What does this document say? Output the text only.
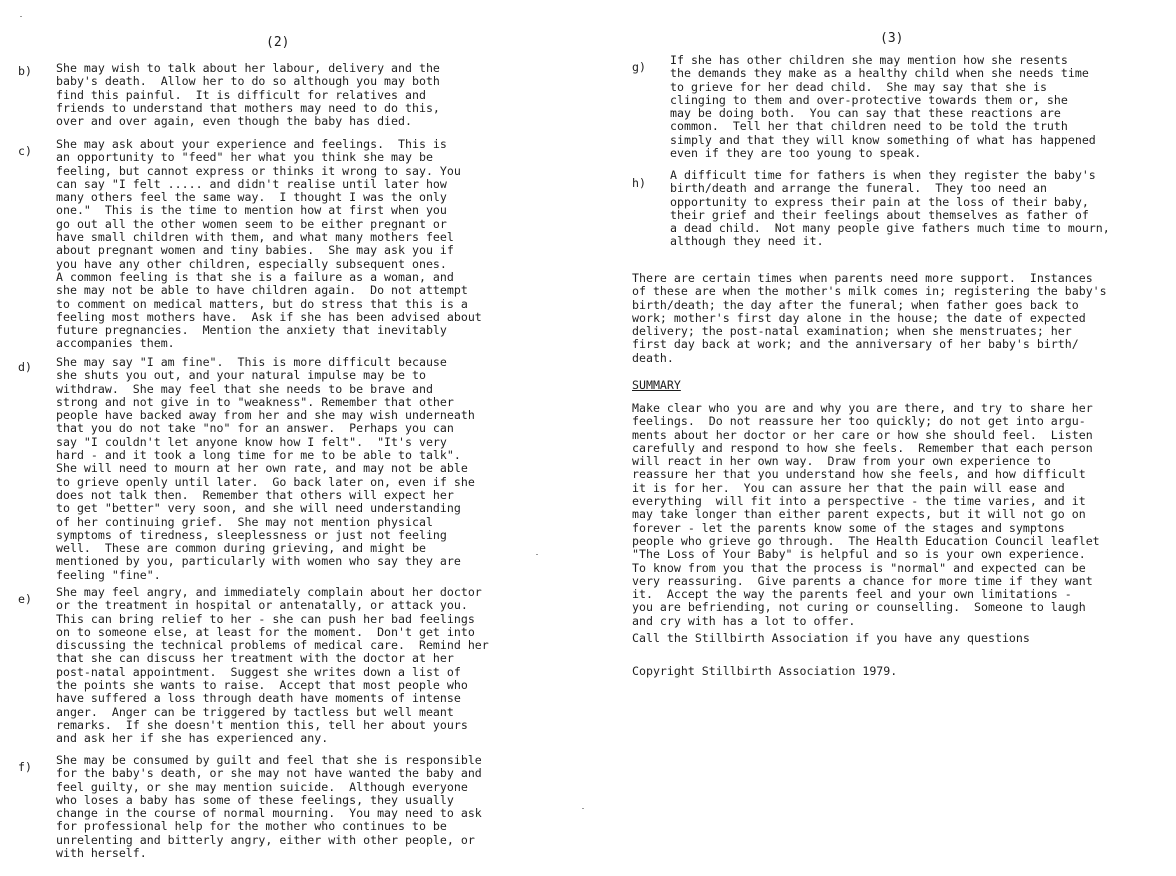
(2)
b) She may wish to talk about her labour, delivery and the
baby's death.  Allow her to do so although you may both
find this painful.  It is difficult for relatives and
friends to understand that mothers may need to do this,
over and over again, even though the baby has died.
c) She may ask about your experience and feelings.  This is
an opportunity to "feed" her what you think she may be
feeling, but cannot express or thinks it wrong to say. You
can say "I felt ..... and didn't realise until later how
many others feel the same way.  I thought I was the only
one."  This is the time to mention how at first when you
go out all the other women seem to be either pregnant or
have small children with them, and what many mothers feel
about pregnant women and tiny babies.  She may ask you if
you have any other children, especially subsequent ones.
A common feeling is that she is a failure as a woman, and
she may not be able to have children again.  Do not attempt
to comment on medical matters, but do stress that this is a
feeling most mothers have.  Ask if she has been advised about
future pregnancies.  Mention the anxiety that inevitably
accompanies them.
d) She may say "I am fine".  This is more difficult because
she shuts you out, and your natural impulse may be to
withdraw.  She may feel that she needs to be brave and
strong and not give in to "weakness". Remember that other
people have backed away from her and she may wish underneath
that you do not take "no" for an answer.  Perhaps you can
say "I couldn't let anyone know how I felt".  "It's very
hard - and it took a long time for me to be able to talk".
She will need to mourn at her own rate, and may not be able
to grieve openly until later.  Go back later on, even if she
does not talk then.  Remember that others will expect her
to get "better" very soon, and she will need understanding
of her continuing grief.  She may not mention physical
symptoms of tiredness, sleeplessness or just not feeling
well.  These are common during grieving, and might be
mentioned by you, particularly with women who say they are
feeling "fine".
e) She may feel angry, and immediately complain about her doctor
or the treatment in hospital or antenatally, or attack you.
This can bring relief to her - she can push her bad feelings
on to someone else, at least for the moment.  Don't get into
discussing the technical problems of medical care.  Remind her
that she can discuss her treatment with the doctor at her
post-natal appointment.  Suggest she writes down a list of
the points she wants to raise.  Accept that most people who
have suffered a loss through death have moments of intense
anger.  Anger can be triggered by tactless but well meant
remarks.  If she doesn't mention this, tell her about yours
and ask her if she has experienced any.
f) She may be consumed by guilt and feel that she is responsible
for the baby's death, or she may not have wanted the baby and
feel guilty, or she may mention suicide.  Although everyone
who loses a baby has some of these feelings, they usually
change in the course of normal mourning.  You may need to ask
for professional help for the mother who continues to be
unrelenting and bitterly angry, either with other people, or
with herself.
(3)
g) If she has other children she may mention how she resents
the demands they make as a healthy child when she needs time
to grieve for her dead child.  She may say that she is
clinging to them and over-protective towards them or, she
may be doing both.  You can say that these reactions are
common.  Tell her that children need to be told the truth
simply and that they will know something of what has happened
even if they are too young to speak.
h)
A difficult time for fathers is when they register the baby's
birth/death and arrange the funeral.  They too need an
opportunity to express their pain at the loss of their baby,
their grief and their feelings about themselves as father of
a dead child.  Not many people give fathers much time to mourn,
although they need it.
There are certain times when parents need more support.  Instances
of these are when the mother's milk comes in; registering the baby's
birth/death; the day after the funeral; when father goes back to
work; mother's first day alone in the house; the date of expected
delivery; the post-natal examination; when she menstruates; her
first day back at work; and the anniversary of her baby's birth/
death.
SUMMARY
Make clear who you are and why you are there, and try to share her
feelings.  Do not reassure her too quickly; do not get into argu-
ments about her doctor or her care or how she should feel.  Listen
carefully and respond to how she feels.  Remember that each person
will react in her own way.  Draw from your own experience to
reassure her that you understand how she feels, and how difficult
it is for her.  You can assure her that the pain will ease and
everything  will fit into a perspective - the time varies, and it
may take longer than either parent expects, but it will not go on
forever - let the parents know some of the stages and symptons
people who grieve go through.  The Health Education Council leaflet
"The Loss of Your Baby" is helpful and so is your own experience.
To know from you that the process is "normal" and expected can be
very reassuring.  Give parents a chance for more time if they want
it.  Accept the way the parents feel and your own limitations -
you are befriending, not curing or counselling.  Someone to laugh
and cry with has a lot to offer.
Call the Stillbirth Association if you have any questions
Copyright Stillbirth Association 1979.
